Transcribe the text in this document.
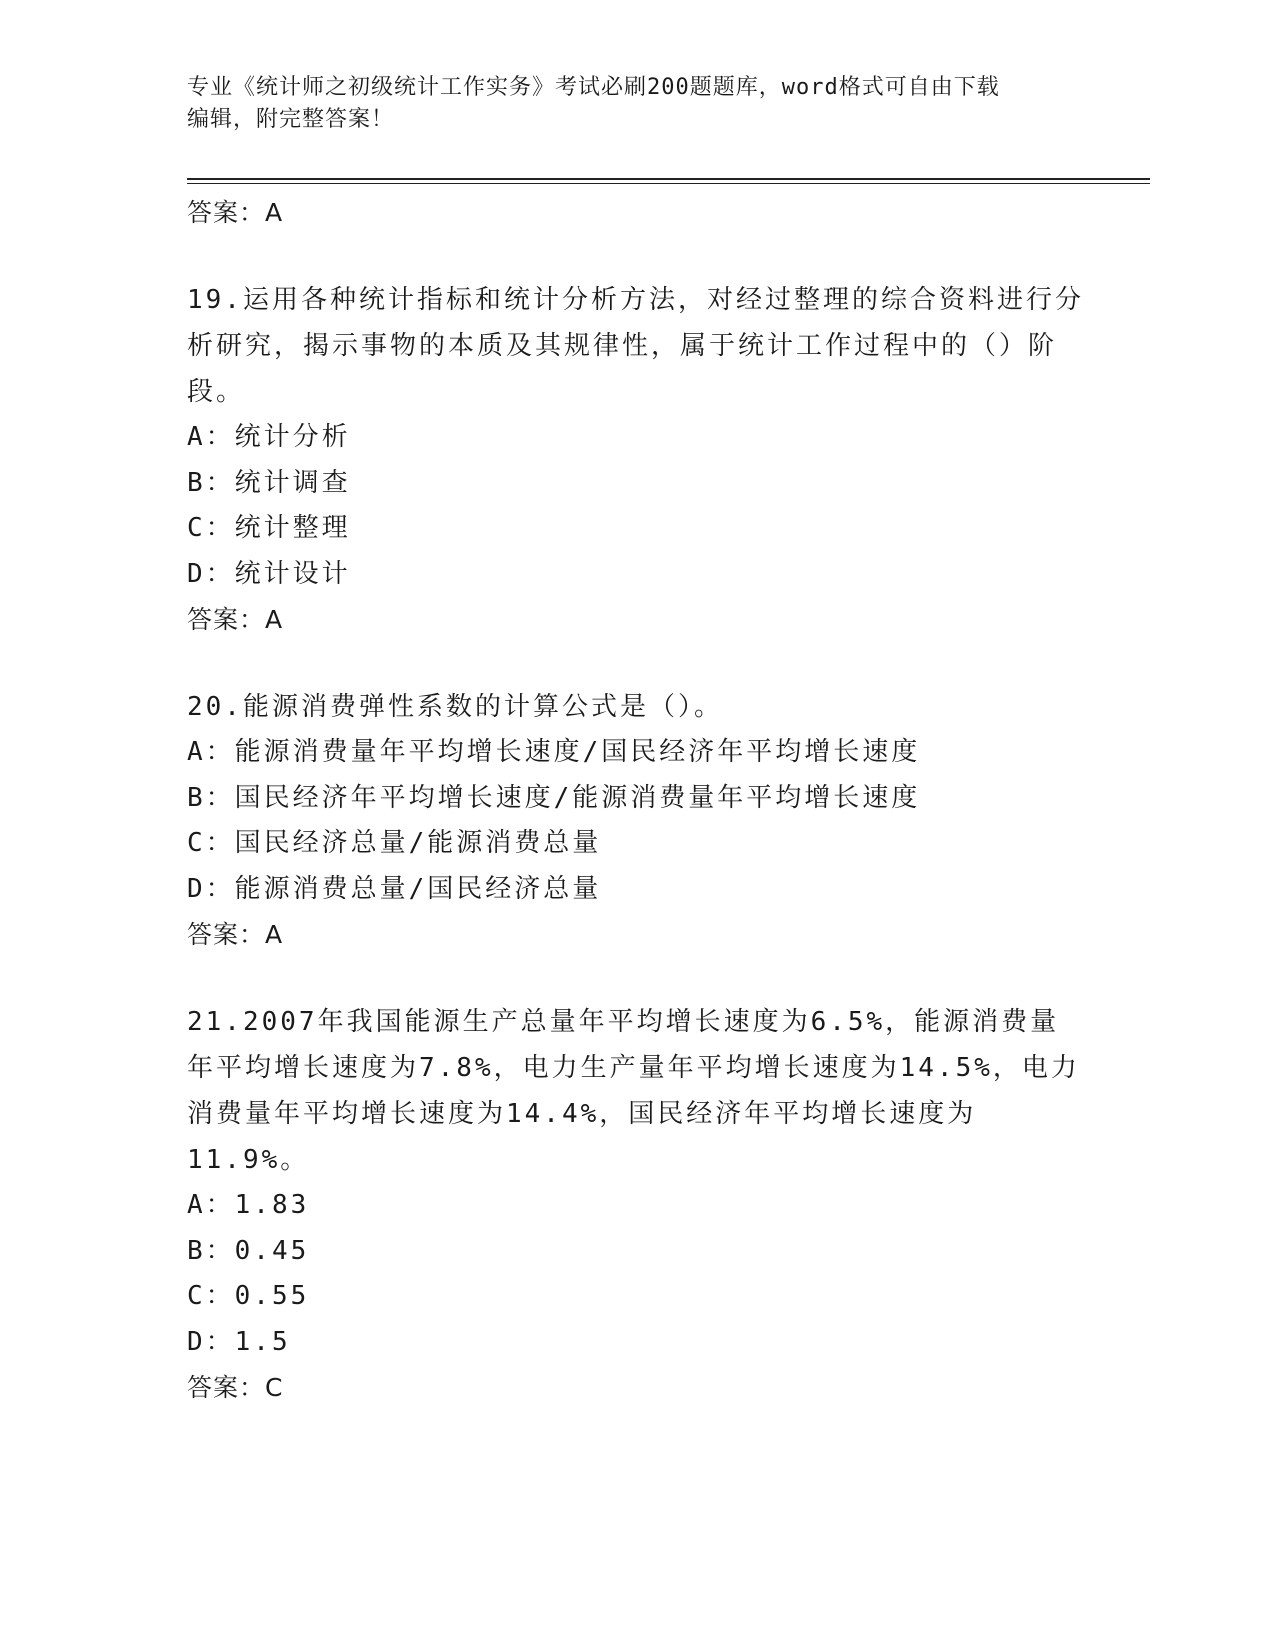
专业《统计师之初级统计工作实务》考试必刷200题题库，word格式可自由下载
编辑，附完整答案！
答案：A
19.运用各种统计指标和统计分析方法，对经过整理的综合资料进行分析研究，揭示事物的本质及其规律性，属于统计工作过程中的（）阶段。
A：统计分析
B：统计调查
C：统计整理
D：统计设计
答案：A
20.能源消费弹性系数的计算公式是（）。
A：能源消费量年平均增长速度/国民经济年平均增长速度
B：国民经济年平均增长速度/能源消费量年平均增长速度
C：国民经济总量/能源消费总量
D：能源消费总量/国民经济总量
答案：A
21.2007年我国能源生产总量年平均增长速度为6.5%，能源消费量年平均增长速度为7.8%，电力生产量年平均增长速度为14.5%，电力消费量年平均增长速度为14.4%，国民经济年平均增长速度为11.9%。
A：1.83
B：0.45
C：0.55
D：1.5
答案：C
